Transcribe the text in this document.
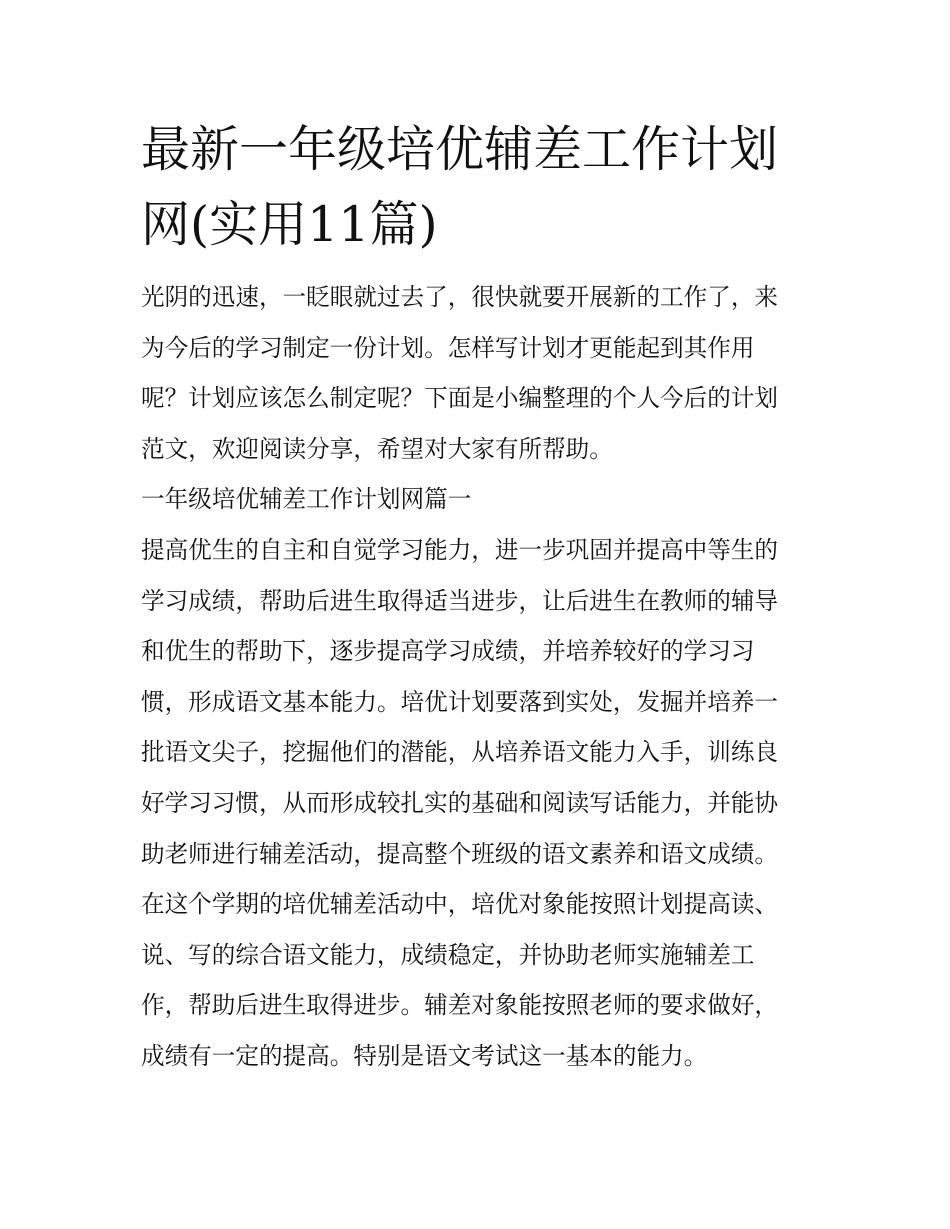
最新一年级培优辅差工作计划
网(实用11篇)

光阴的迅速，一眨眼就过去了，很快就要开展新的工作了，来
为今后的学习制定一份计划。怎样写计划才更能起到其作用
呢？计划应该怎么制定呢？下面是小编整理的个人今后的计划
范文，欢迎阅读分享，希望对大家有所帮助。

一年级培优辅差工作计划网篇一

提高优生的自主和自觉学习能力，进一步巩固并提高中等生的
学习成绩，帮助后进生取得适当进步，让后进生在教师的辅导
和优生的帮助下，逐步提高学习成绩，并培养较好的学习习
惯，形成语文基本能力。培优计划要落到实处，发掘并培养一
批语文尖子，挖掘他们的潜能，从培养语文能力入手，训练良
好学习习惯，从而形成较扎实的基础和阅读写话能力，并能协
助老师进行辅差活动，提高整个班级的语文素养和语文成绩。
在这个学期的培优辅差活动中，培优对象能按照计划提高读、
说、写的综合语文能力，成绩稳定，并协助老师实施辅差工
作，帮助后进生取得进步。辅差对象能按照老师的要求做好，
成绩有一定的提高。特别是语文考试这一基本的能力。
